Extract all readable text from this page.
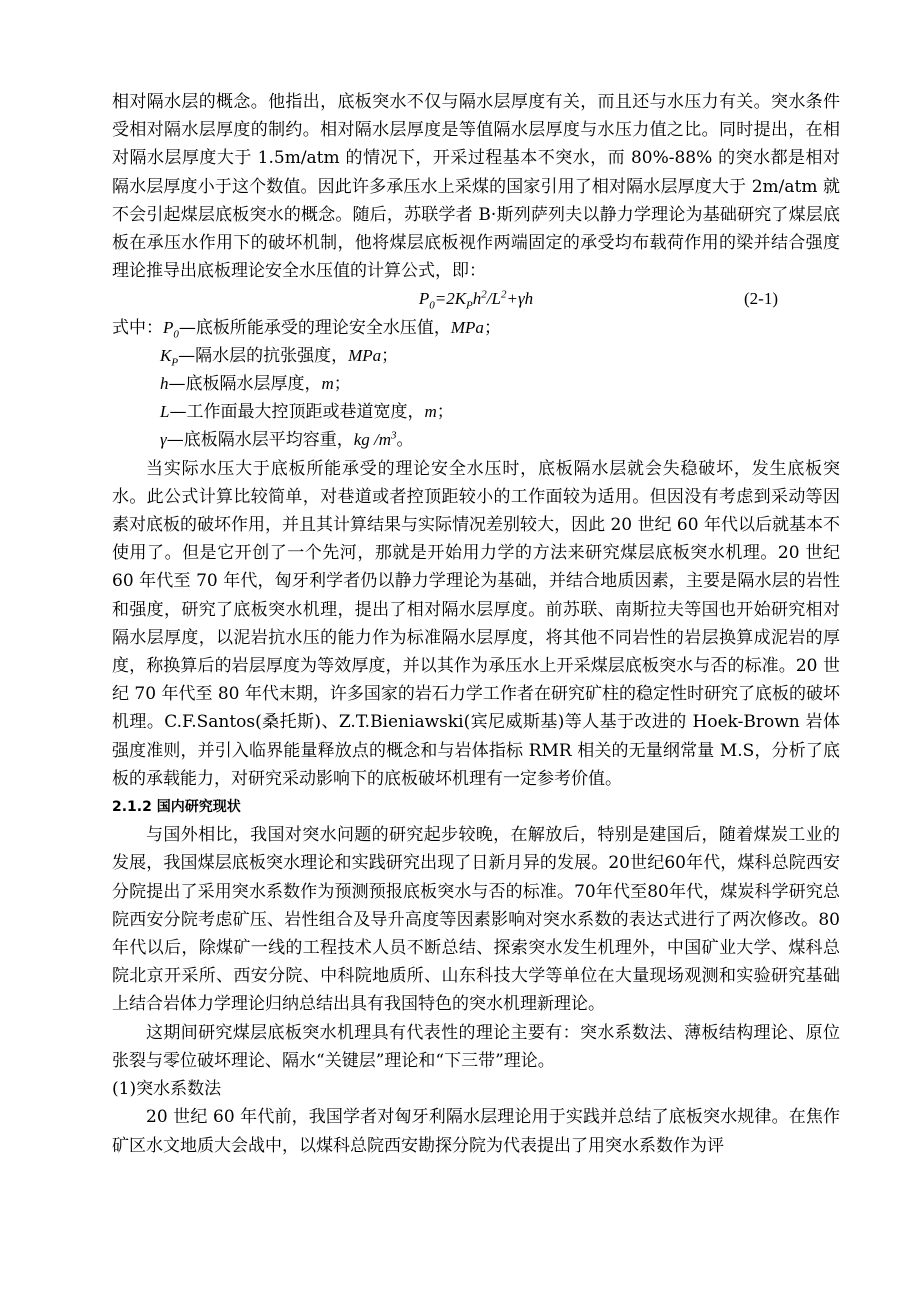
相对隔水层的概念。他指出，底板突水不仅与隔水层厚度有关，而且还与水压力有关。突水条件受相对隔水层厚度的制约。相对隔水层厚度是等值隔水层厚度与水压力值之比。同时提出，在相对隔水层厚度大于 1.5m/atm 的情况下，开采过程基本不突水，而 80%-88% 的突水都是相对隔水层厚度小于这个数值。因此许多承压水上采煤的国家引用了相对隔水层厚度大于 2m/atm 就不会引起煤层底板突水的概念。随后，苏联学者 B·斯列萨列夫以静力学理论为基础研究了煤层底板在承压水作用下的破坏机制，他将煤层底板视作两端固定的承受均布载荷作用的梁并结合强度理论推导出底板理论安全水压值的计算公式，即：

$P_0=2K_Ph^2/L^2+\gamma h$	(2-1)
式中：$P_0—$底板所能承受的理论安全水压值，MPa；
$K_P—$隔水层的抗张强度，MPa；
h—底板隔水层厚度，m；
L—工作面最大控顶距或巷道宽度，m；
γ—底板隔水层平均容重，kg $/m^3$。

当实际水压大于底板所能承受的理论安全水压时，底板隔水层就会失稳破坏，发生底板突水。此公式计算比较简单，对巷道或者控顶距较小的工作面较为适用。但因没有考虑到采动等因素对底板的破坏作用，并且其计算结果与实际情况差别较大，因此 20 世纪 60 年代以后就基本不使用了。但是它开创了一个先河，那就是开始用力学的方法来研究煤层底板突水机理。20 世纪 60 年代至 70 年代，匈牙利学者仍以静力学理论为基础，并结合地质因素，主要是隔水层的岩性和强度，研究了底板突水机理，提出了相对隔水层厚度。前苏联、南斯拉夫等国也开始研究相对隔水层厚度，以泥岩抗水压的能力作为标准隔水层厚度，将其他不同岩性的岩层换算成泥岩的厚度，称换算后的岩层厚度为等效厚度，并以其作为承压水上开采煤层底板突水与否的标准。20 世纪 70 年代至 80 年代末期，许多国家的岩石力学工作者在研究矿柱的稳定性时研究了底板的破坏机理。C.F.Santos(桑托斯)、Z.T.Bieniawski(宾尼威斯基)等人基于改进的 Hoek-Brown 岩体强度准则，并引入临界能量释放点的概念和与岩体指标 RMR 相关的无量纲常量 M.S，分析了底板的承载能力，对研究采动影响下的底板破坏机理有一定参考价值。

2.1.2 国内研究现状

与国外相比，我国对突水问题的研究起步较晚，在解放后，特别是建国后，随着煤炭工业的发展，我国煤层底板突水理论和实践研究出现了日新月异的发展。20世纪60年代，煤科总院西安分院提出了采用突水系数作为预测预报底板突水与否的标准。70年代至80年代，煤炭科学研究总院西安分院考虑矿压、岩性组合及导升高度等因素影响对突水系数的表达式进行了两次修改。80年代以后，除煤矿一线的工程技术人员不断总结、探索突水发生机理外，中国矿业大学、煤科总院北京开采所、西安分院、中科院地质所、山东科技大学等单位在大量现场观测和实验研究基础上结合岩体力学理论归纳总结出具有我国特色的突水机理新理论。

这期间研究煤层底板突水机理具有代表性的理论主要有：突水系数法、薄板结构理论、原位张裂与零位破坏理论、隔水“关键层”理论和“下三带”理论。

(1)突水系数法

20 世纪 60 年代前，我国学者对匈牙利隔水层理论用于实践并总结了底板突水规律。在焦作矿区水文地质大会战中，以煤科总院西安勘探分院为代表提出了用突水系数作为评
